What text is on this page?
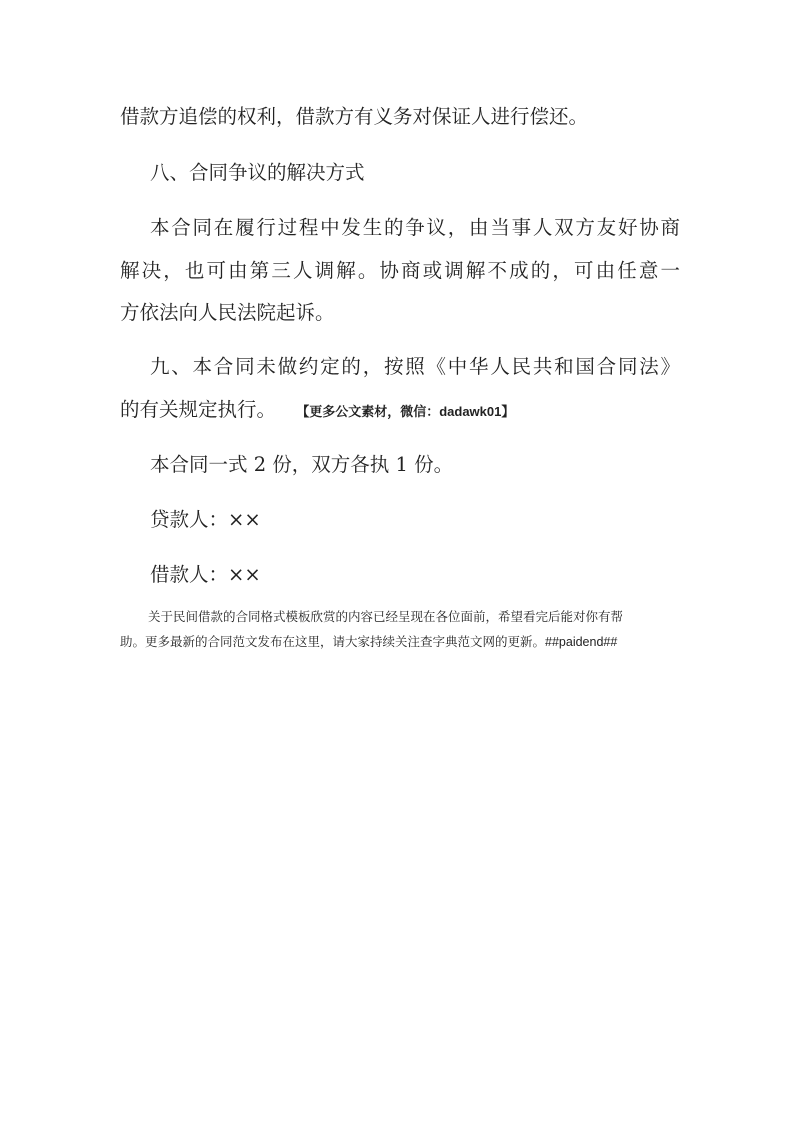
借款方追偿的权利，借款方有义务对保证人进行偿还。
八、合同争议的解决方式
本合同在履行过程中发生的争议，由当事人双方友好协商
解决，也可由第三人调解。协商或调解不成的，可由任意一
方依法向人民法院起诉。
九、本合同未做约定的，按照《中华人民共和国合同法》
的有关规定执行。 【更多公文素材，微信：dadawk01】
本合同一式 2 份，双方各执 1 份。
贷款人：××
借款人：××
关于民间借款的合同格式模板欣赏的内容已经呈现在各位面前，希望看完后能对你有帮
助。更多最新的合同范文发布在这里，请大家持续关注查字典范文网的更新。##paidend##
